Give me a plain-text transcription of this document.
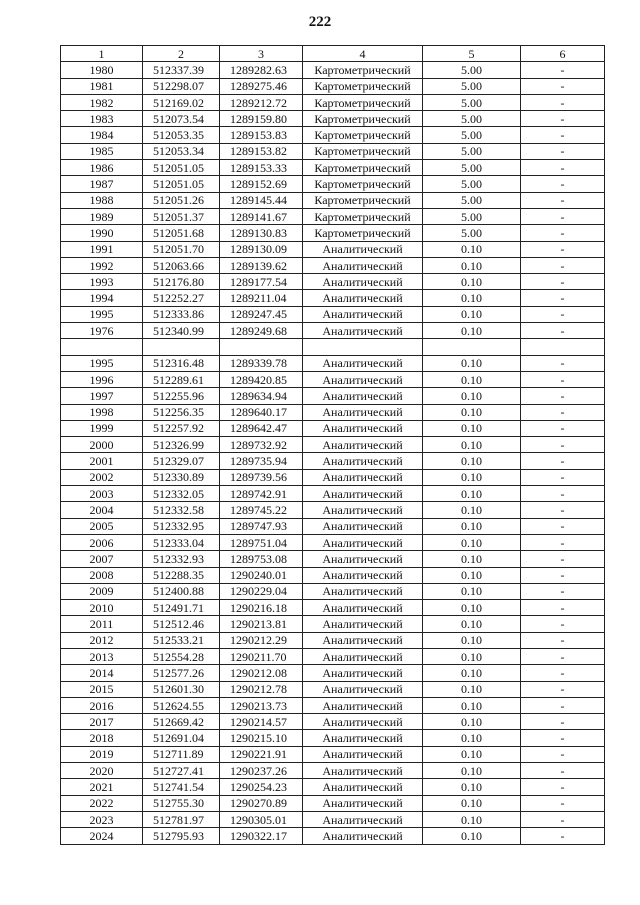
222
1	2	3	4	5	6
1980	512337.39	1289282.63	Картометрический	5.00	-
1981	512298.07	1289275.46	Картометрический	5.00	-
1982	512169.02	1289212.72	Картометрический	5.00	-
1983	512073.54	1289159.80	Картометрический	5.00	-
1984	512053.35	1289153.83	Картометрический	5.00	-
1985	512053.34	1289153.82	Картометрический	5.00	-
1986	512051.05	1289153.33	Картометрический	5.00	-
1987	512051.05	1289152.69	Картометрический	5.00	-
1988	512051.26	1289145.44	Картометрический	5.00	-
1989	512051.37	1289141.67	Картометрический	5.00	-
1990	512051.68	1289130.83	Картометрический	5.00	-
1991	512051.70	1289130.09	Аналитический	0.10	-
1992	512063.66	1289139.62	Аналитический	0.10	-
1993	512176.80	1289177.54	Аналитический	0.10	-
1994	512252.27	1289211.04	Аналитический	0.10	-
1995	512333.86	1289247.45	Аналитический	0.10	-
1976	512340.99	1289249.68	Аналитический	0.10	-

1995	512316.48	1289339.78	Аналитический	0.10	-
1996	512289.61	1289420.85	Аналитический	0.10	-
1997	512255.96	1289634.94	Аналитический	0.10	-
1998	512256.35	1289640.17	Аналитический	0.10	-
1999	512257.92	1289642.47	Аналитический	0.10	-
2000	512326.99	1289732.92	Аналитический	0.10	-
2001	512329.07	1289735.94	Аналитический	0.10	-
2002	512330.89	1289739.56	Аналитический	0.10	-
2003	512332.05	1289742.91	Аналитический	0.10	-
2004	512332.58	1289745.22	Аналитический	0.10	-
2005	512332.95	1289747.93	Аналитический	0.10	-
2006	512333.04	1289751.04	Аналитический	0.10	-
2007	512332.93	1289753.08	Аналитический	0.10	-
2008	512288.35	1290240.01	Аналитический	0.10	-
2009	512400.88	1290229.04	Аналитический	0.10	-
2010	512491.71	1290216.18	Аналитический	0.10	-
2011	512512.46	1290213.81	Аналитический	0.10	-
2012	512533.21	1290212.29	Аналитический	0.10	-
2013	512554.28	1290211.70	Аналитический	0.10	-
2014	512577.26	1290212.08	Аналитический	0.10	-
2015	512601.30	1290212.78	Аналитический	0.10	-
2016	512624.55	1290213.73	Аналитический	0.10	-
2017	512669.42	1290214.57	Аналитический	0.10	-
2018	512691.04	1290215.10	Аналитический	0.10	-
2019	512711.89	1290221.91	Аналитический	0.10	-
2020	512727.41	1290237.26	Аналитический	0.10	-
2021	512741.54	1290254.23	Аналитический	0.10	-
2022	512755.30	1290270.89	Аналитический	0.10	-
2023	512781.97	1290305.01	Аналитический	0.10	-
2024	512795.93	1290322.17	Аналитический	0.10	-
